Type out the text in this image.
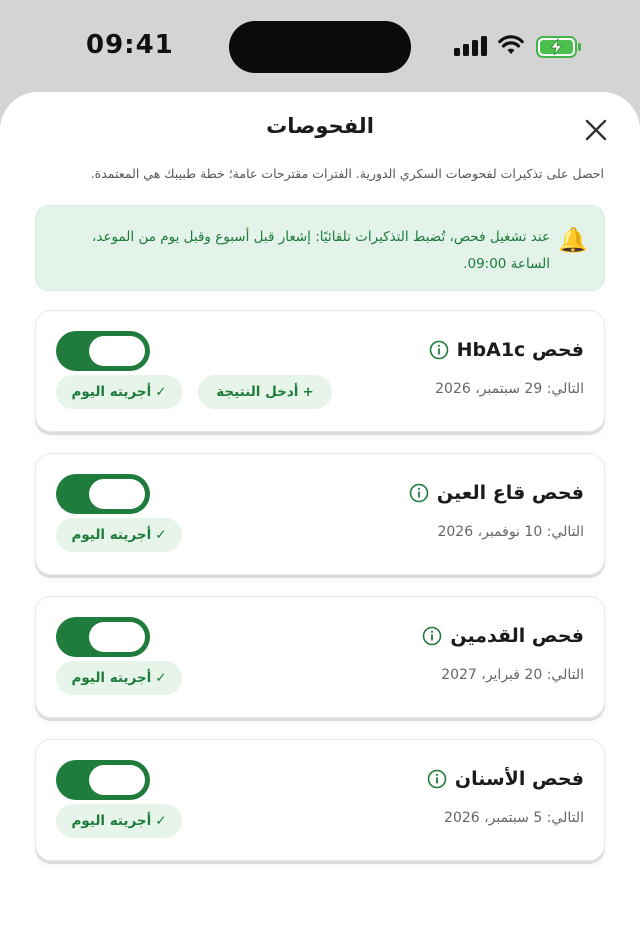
09:41
الفحوصات
احصل على تذكيرات لفحوصات السكري الدورية. الفترات مقترحات عامة؛ خطة طبيبك هي المعتمدة.
🔔
عند تشغيل فحص، تُضبط التذكيرات تلقائيًا: إشعار قبل أسبوع وقبل يوم من الموعد، الساعة 09:00.
فحص HbA1c
التالي: 29 سبتمبر، 2026
+
أدخل النتيجة
✓
أجريته اليوم
فحص قاع العين
التالي: 10 نوفمبر، 2026
✓
أجريته اليوم
فحص القدمين
التالي: 20 فبراير، 2027
✓
أجريته اليوم
فحص الأسنان
التالي: 5 سبتمبر، 2026
✓
أجريته اليوم
